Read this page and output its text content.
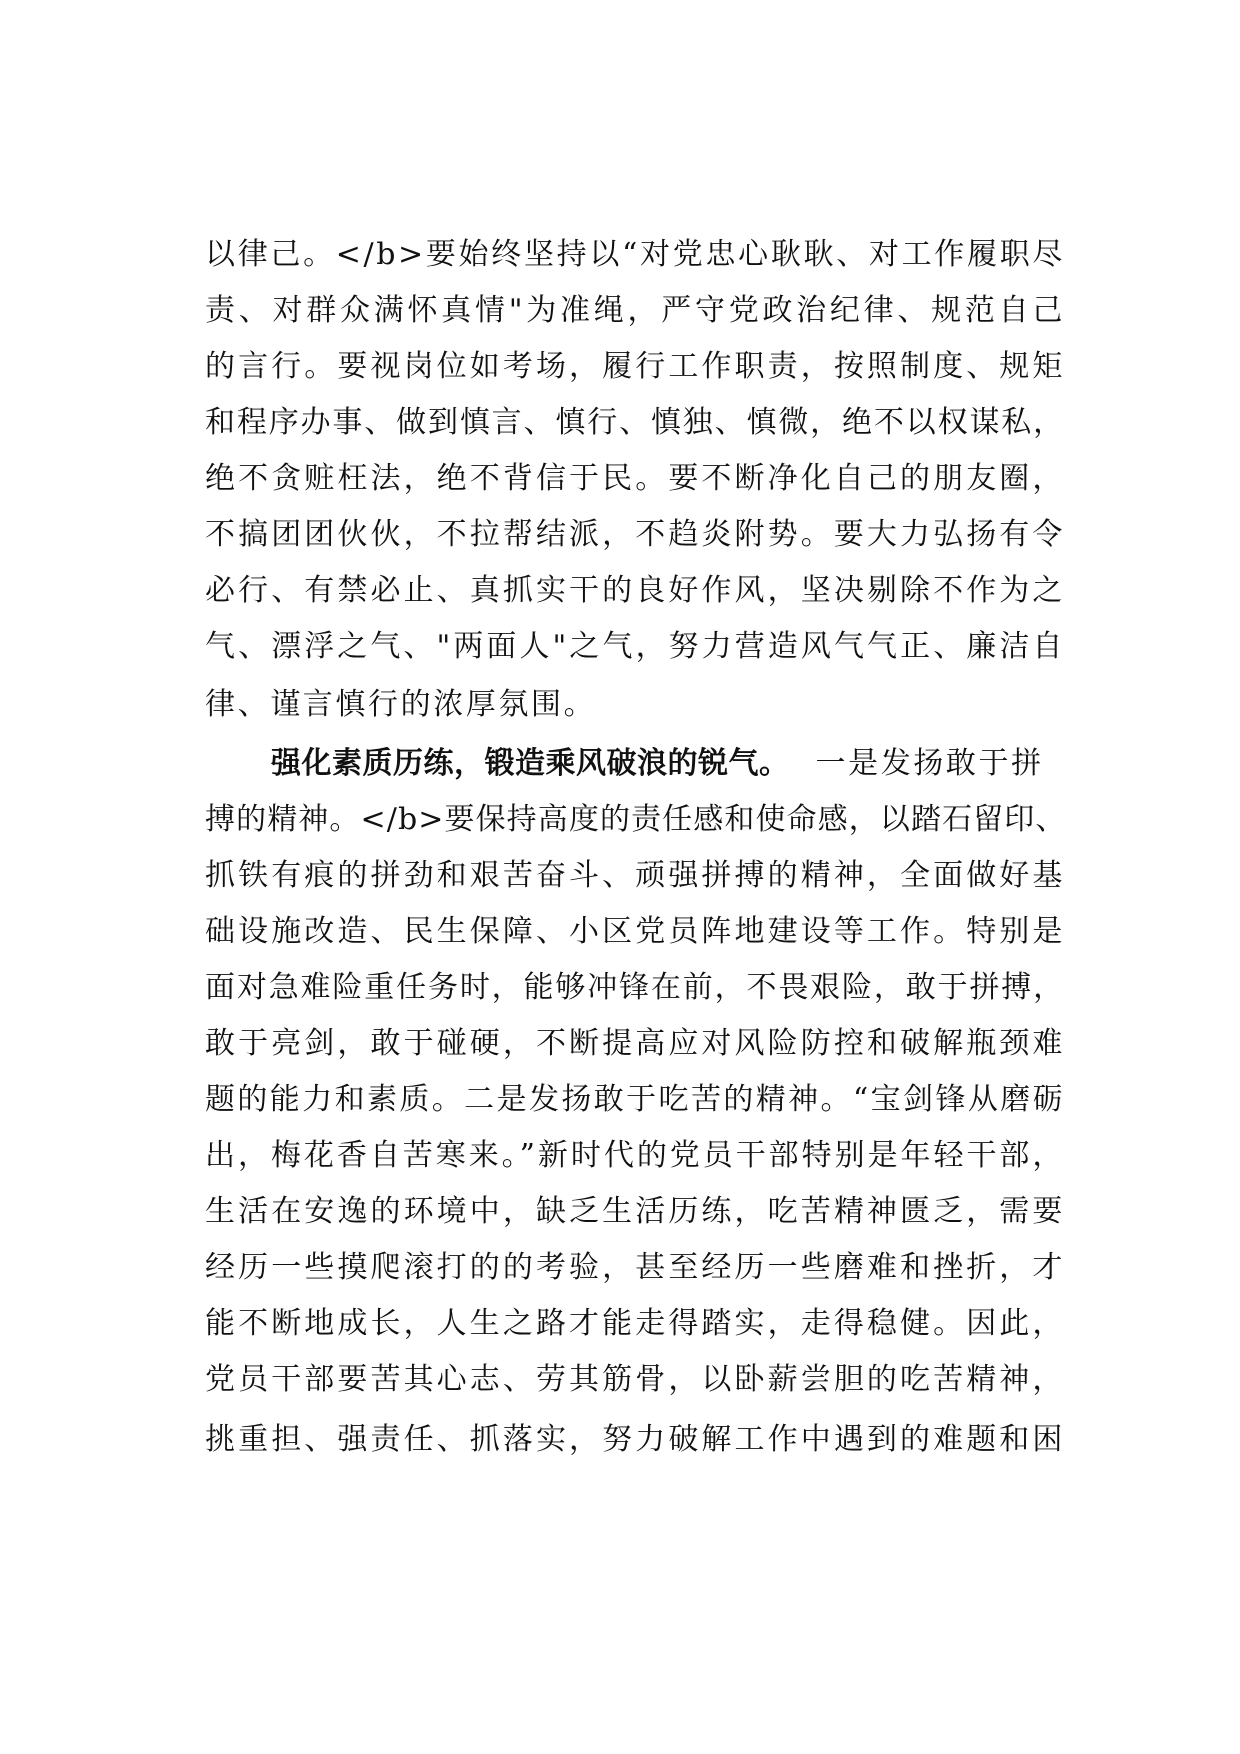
以律己。</b>要始终坚持以“对党忠心耿耿、对工作履职尽
责、对群众满怀真情"为准绳，严守党政治纪律、规范自己
的言行。要视岗位如考场，履行工作职责，按照制度、规矩
和程序办事、做到慎言、慎行、慎独、慎微，绝不以权谋私，
绝不贪赃枉法，绝不背信于民。要不断净化自己的朋友圈，
不搞团团伙伙，不拉帮结派，不趋炎附势。要大力弘扬有令
必行、有禁必止、真抓实干的良好作风，坚决剔除不作为之
气、漂浮之气、"两面人"之气，努力营造风气气正、廉洁自
律、谨言慎行的浓厚氛围。
强化素质历练，锻造乘风破浪的锐气。 一是发扬敢于拼
搏的精神。</b>要保持高度的责任感和使命感，以踏石留印、
抓铁有痕的拼劲和艰苦奋斗、顽强拼搏的精神，全面做好基
础设施改造、民生保障、小区党员阵地建设等工作。特别是
面对急难险重任务时，能够冲锋在前，不畏艰险，敢于拼搏，
敢于亮剑，敢于碰硬，不断提高应对风险防控和破解瓶颈难
题的能力和素质。二是发扬敢于吃苦的精神。“宝剑锋从磨砺
出，梅花香自苦寒来。”新时代的党员干部特别是年轻干部，
生活在安逸的环境中，缺乏生活历练，吃苦精神匮乏，需要
经历一些摸爬滚打的的考验，甚至经历一些磨难和挫折，才
能不断地成长，人生之路才能走得踏实，走得稳健。因此，
党员干部要苦其心志、劳其筋骨，以卧薪尝胆的吃苦精神，
挑重担、强责任、抓落实，努力破解工作中遇到的难题和困
